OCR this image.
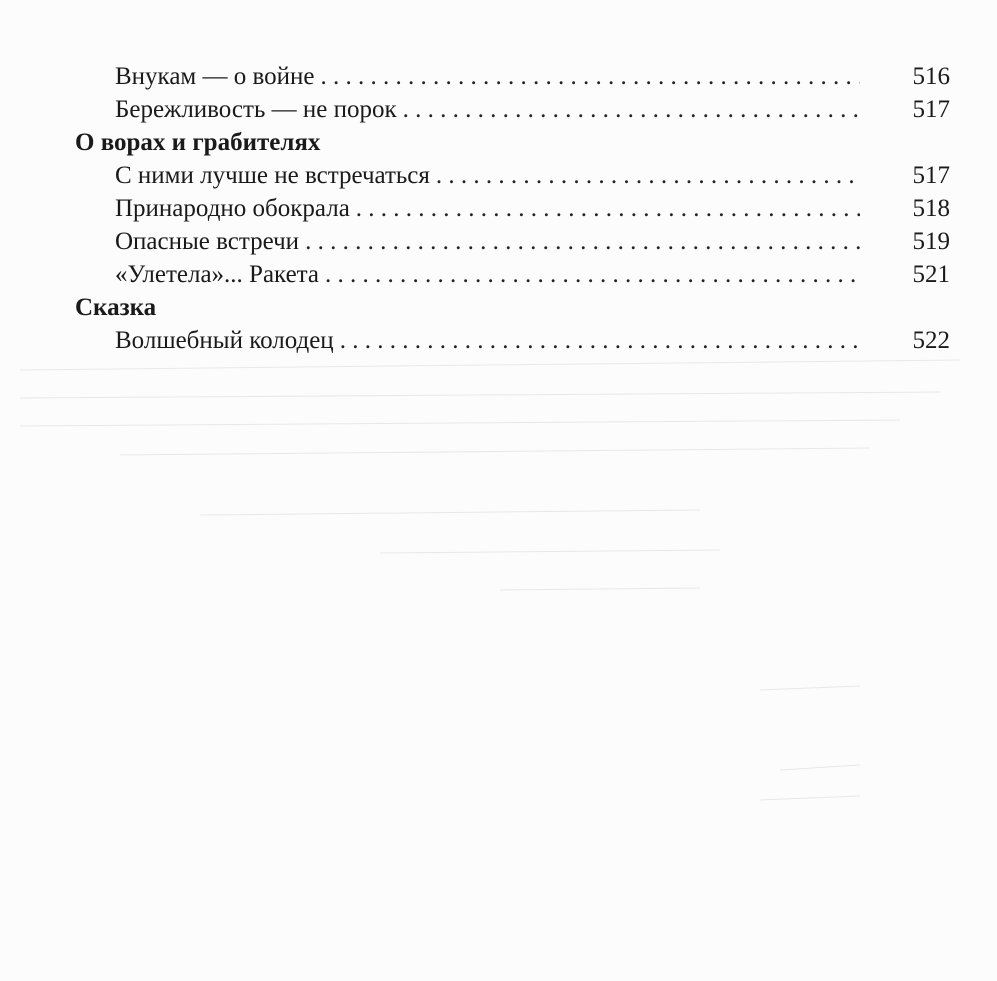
Внукам — о войне . . .	516
Бережливость — не порок . . .	517
О ворах и грабителях
С ними лучше не встречаться . . .	517
Принародно обокрала . . .	518
Опасные встречи . . .	519
«Улетела»... Ракета . . .	521
Сказка
Волшебный колодец . . .	522
